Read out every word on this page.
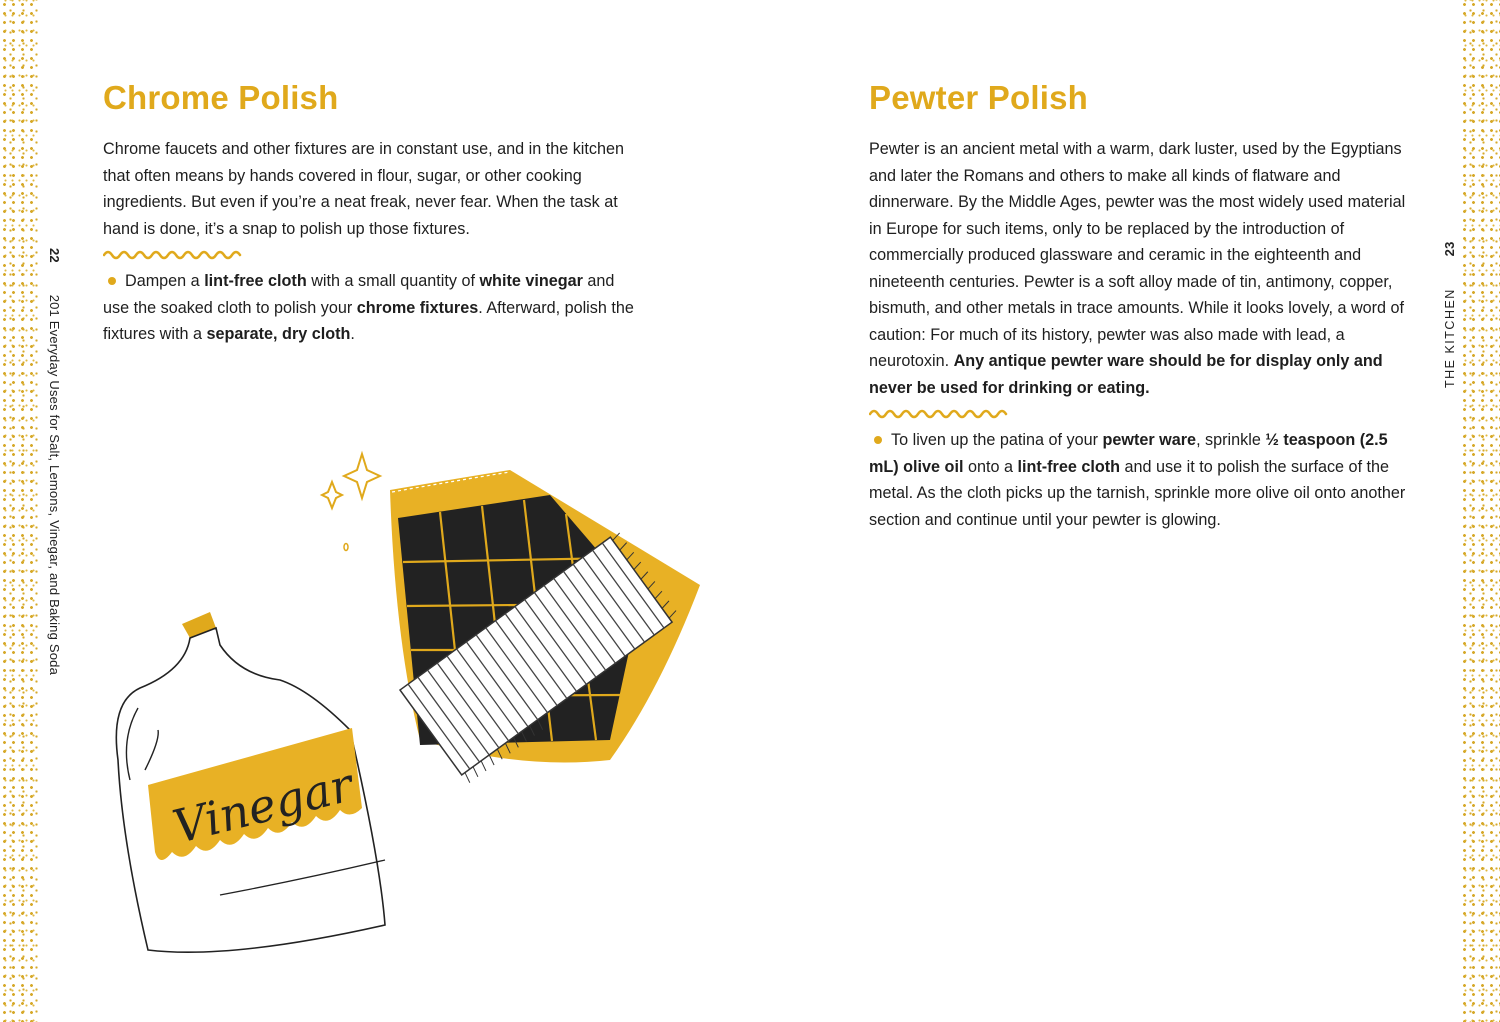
22 201 Everyday Uses for Salt, Lemons, Vinegar, and Baking Soda	THE KITCHEN 23
Chrome Polish

Chrome faucets and other fixtures are in constant use, and in the kitchen that often means by hands covered in flour, sugar, or other cooking ingredients. But even if you’re a neat freak, never fear. When the task at hand is done, it’s a snap to polish up those fixtures.

Dampen a lint-free cloth with a small quantity of white vinegar and use the soaked cloth to polish your chrome fixtures. Afterward, polish the fixtures with a separate, dry cloth.

Pewter Polish

Pewter is an ancient metal with a warm, dark luster, used by the Egyptians and later the Romans and others to make all kinds of flatware and dinnerware. By the Middle Ages, pewter was the most widely used material in Europe for such items, only to be replaced by the introduction of commercially produced glassware and ceramic in the eighteenth and nineteenth centuries. Pewter is a soft alloy made of tin, antimony, copper, bismuth, and other metals in trace amounts. While it looks lovely, a word of caution: For much of its history, pewter was also made with lead, a neurotoxin. Any antique pewter ware should be for display only and never be used for drinking or eating.

To liven up the patina of your pewter ware, sprinkle ½ teaspoon (2.5 mL) olive oil onto a lint-free cloth and use it to polish the surface of the metal. As the cloth picks up the tarnish, sprinkle more olive oil onto another section and continue until your pewter is glowing.

Vinegar
